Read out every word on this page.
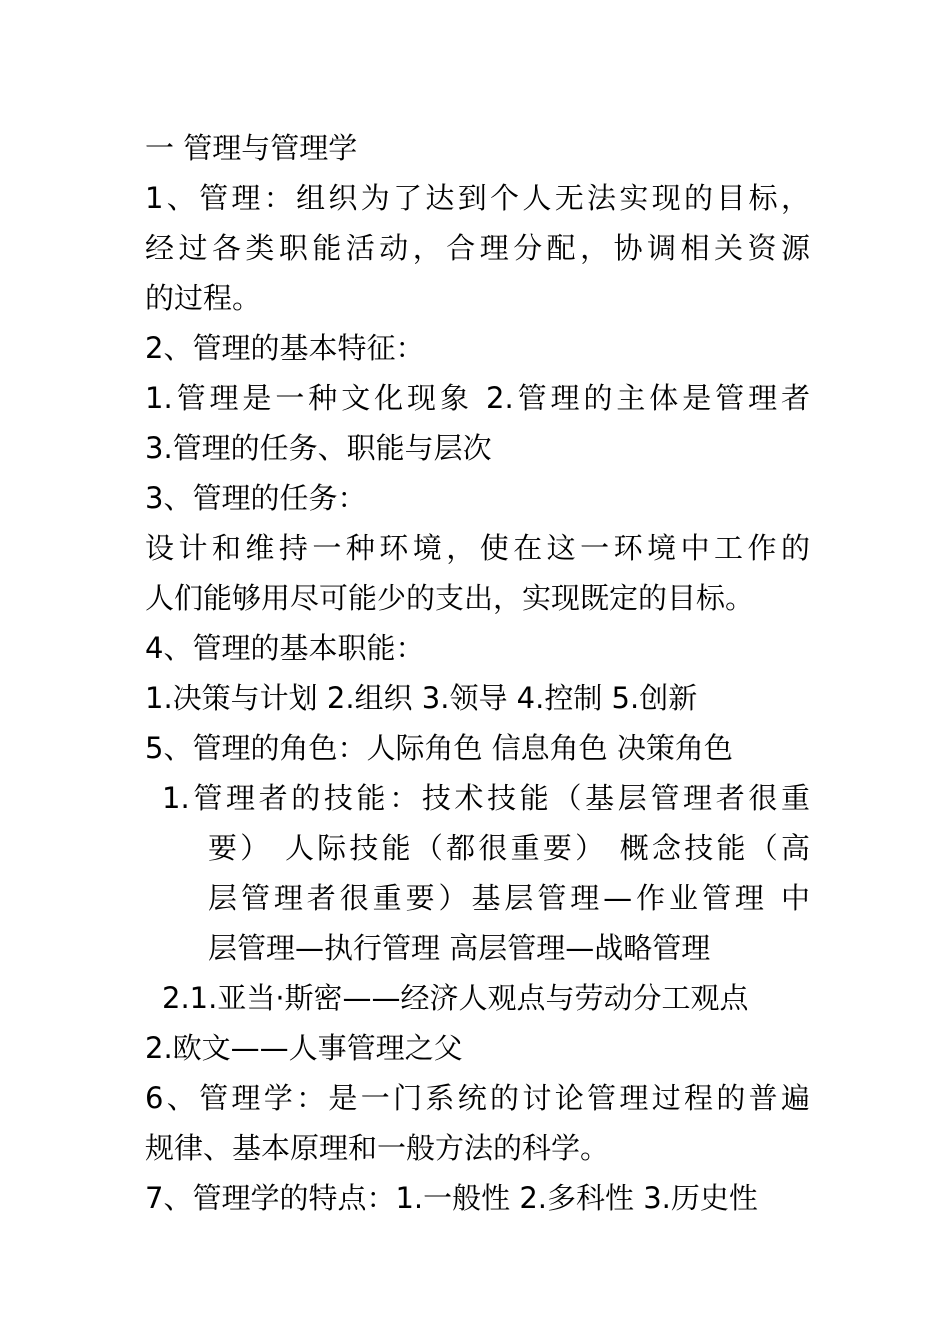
一 管理与管理学
1、管理：组织为了达到个人无法实现的目标，
经过各类职能活动，合理分配，协调相关资源
的过程。
2、管理的基本特征：
1.管理是一种文化现象 2.管理的主体是管理者
3.管理的任务、职能与层次
3、管理的任务：
设计和维持一种环境，使在这一环境中工作的
人们能够用尽可能少的支出，实现既定的目标。
4、管理的基本职能：
1.决策与计划 2.组织 3.领导 4.控制 5.创新
5、管理的角色：人际角色 信息角色 决策角色
1.管理者的技能：技术技能（基层管理者很重
要） 人际技能（都很重要） 概念技能（高
层管理者很重要）基层管理—作业管理 中
层管理—执行管理 高层管理—战略管理
2.1.亚当·斯密——经济人观点与劳动分工观点
2.欧文——人事管理之父
6、管理学：是一门系统的讨论管理过程的普遍
规律、基本原理和一般方法的科学。
7、管理学的特点：1.一般性 2.多科性 3.历史性
